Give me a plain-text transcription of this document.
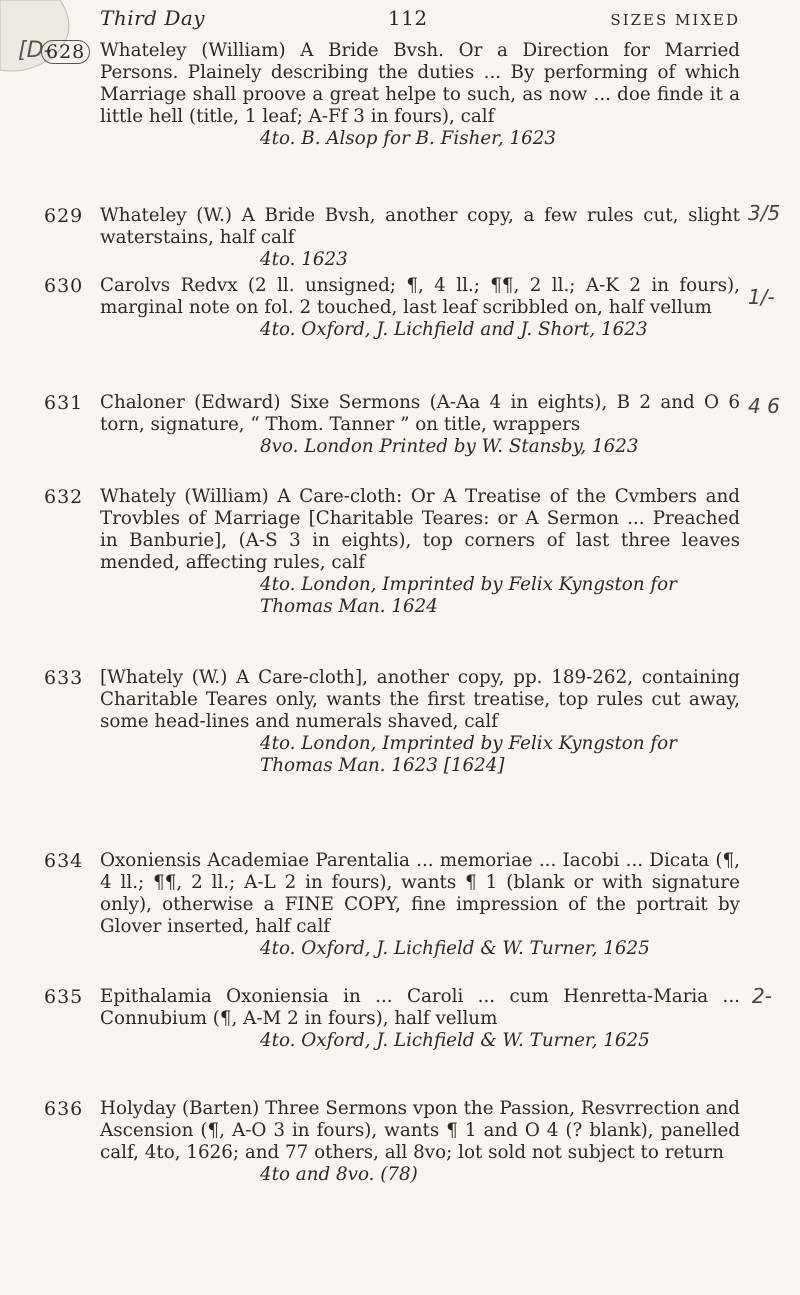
[D-
Third Day	112	SIZES MIXED
628 Whateley (William) A Bride Bvsh. Or a Direction for Married Persons. Plainely describing the duties ... By performing of which Marriage shall proove a great helpe to such, as now ... doe finde it a little hell (title, 1 leaf; A-Ff 3 in fours), calf
4to. B. Alsop for B. Fisher, 1623
629 Whateley (W.) A Bride Bvsh, another copy, a few rules cut, slight waterstains, half calf
4to. 1623
3/5
630 Carolvs Redvx (2 ll. unsigned; ¶, 4 ll.; ¶¶, 2 ll.; A-K 2 in fours), marginal note on fol. 2 touched, last leaf scribbled on, half vellum
4to. Oxford, J. Lichfield and J. Short, 1623
1/-
631 Chaloner (Edward) Sixe Sermons (A-Aa 4 in eights), B 2 and O 6 torn, signature, “ Thom. Tanner ” on title, wrappers
8vo. London Printed by W. Stansby, 1623
4 6
632 Whately (William) A Care-cloth: Or A Treatise of the Cvmbers and Trovbles of Marriage [Charitable Teares: or A Sermon ... Preached in Banburie], (A-S 3 in eights), top corners of last three leaves mended, affecting rules, calf
4to. London, Imprinted by Felix Kyngston for Thomas Man. 1624
633 [Whately (W.) A Care-cloth], another copy, pp. 189-262, containing Charitable Teares only, wants the first treatise, top rules cut away, some head-lines and numerals shaved, calf
4to. London, Imprinted by Felix Kyngston for Thomas Man. 1623 [1624]
634 Oxoniensis Academiae Parentalia ... memoriae ... Iacobi ... Dicata (¶, 4 ll.; ¶¶, 2 ll.; A-L 2 in fours), wants ¶ 1 (blank or with signature only), otherwise a FINE COPY, fine impression of the portrait by Glover inserted, half calf
4to. Oxford, J. Lichfield & W. Turner, 1625
635 Epithalamia Oxoniensia in ... Caroli ... cum Henretta-Maria ... Connubium (¶, A-M 2 in fours), half vellum
4to. Oxford, J. Lichfield & W. Turner, 1625
2-
636 Holyday (Barten) Three Sermons vpon the Passion, Resvrrection and Ascension (¶, A-O 3 in fours), wants ¶ 1 and O 4 (? blank), panelled calf, 4to, 1626; and 77 others, all 8vo; lot sold not subject to return
4to and 8vo. (78)
